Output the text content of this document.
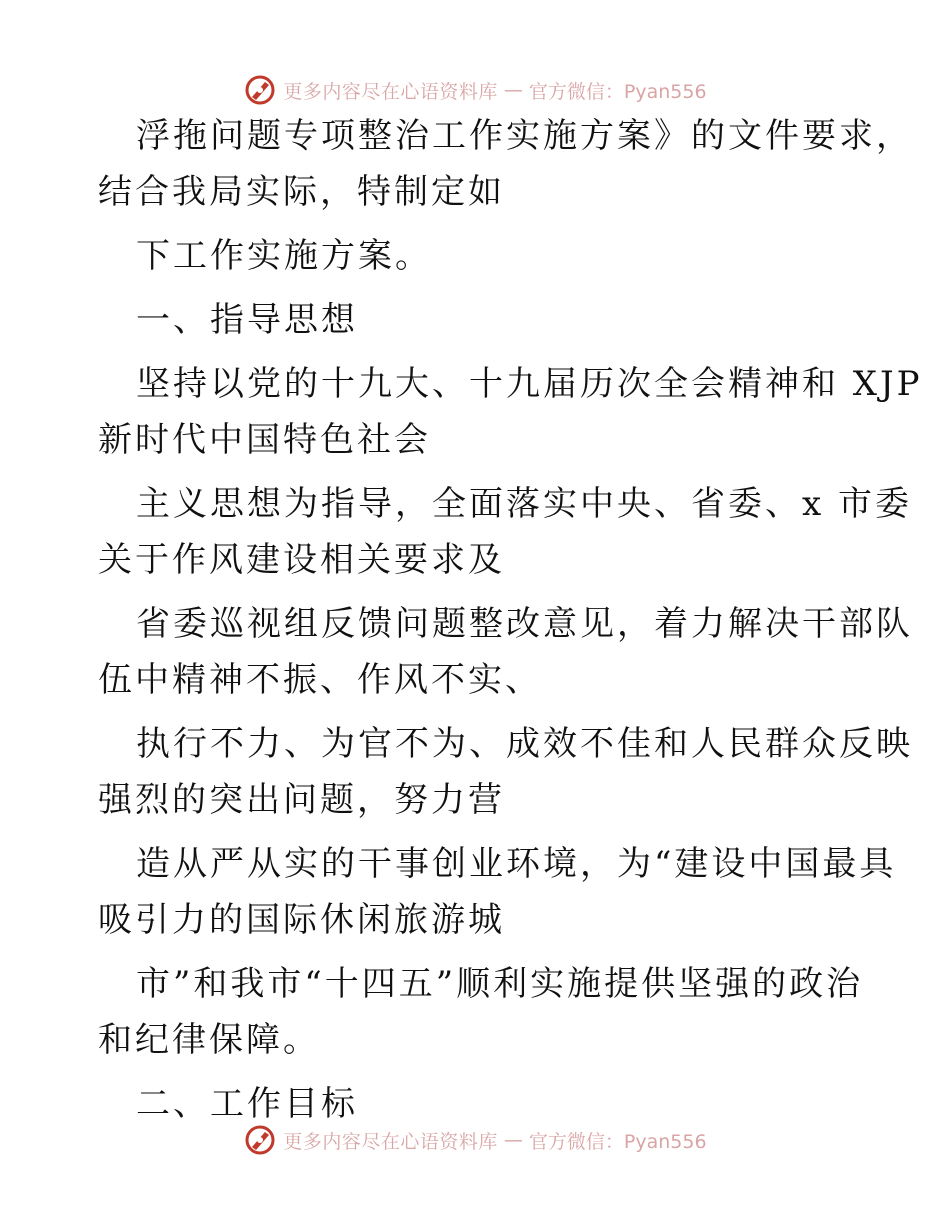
更多内容尽在心语资料库 — 官方微信：Pyan556
浮拖问题专项整治工作实施方案》的文件要求，
结合我局实际，特制定如
下工作实施方案。
一、指导思想
坚持以党的十九大、十九届历次全会精神和 XJP
新时代中国特色社会
主义思想为指导，全面落实中央、省委、x 市委
关于作风建设相关要求及
省委巡视组反馈问题整改意见，着力解决干部队
伍中精神不振、作风不实、
执行不力、为官不为、成效不佳和人民群众反映
强烈的突出问题，努力营
造从严从实的干事创业环境，为“建设中国最具
吸引力的国际休闲旅游城
市”和我市“十四五”顺利实施提供坚强的政治
和纪律保障。
二、工作目标
更多内容尽在心语资料库 — 官方微信：Pyan556
